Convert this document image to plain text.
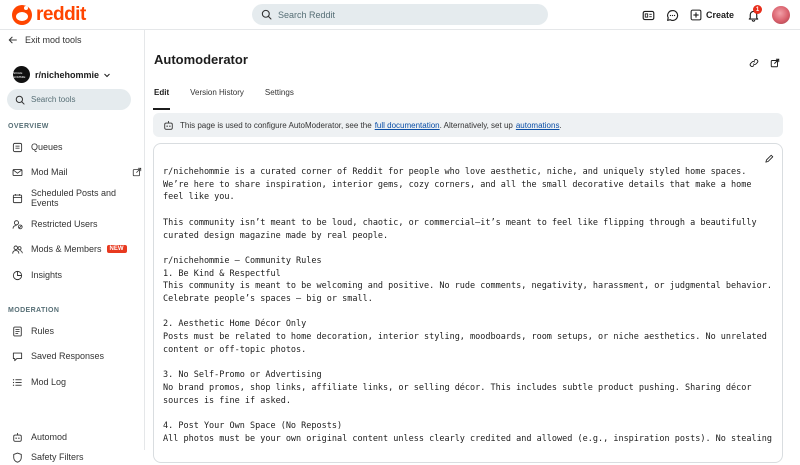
reddit	Search Reddit	Create
1
Exit mod tools
NICHE HOMMIE	r/nichehommie
Search tools
OVERVIEW
Queues
Mod Mail
Scheduled Posts and Events
Restricted Users
Mods & Members	NEW
Insights
MODERATION
Rules
Saved Responses
Mod Log
Automod
Safety Filters
Automoderator
Edit	Version History	Settings
This page is used to configure AutoModerator, see the full documentation . Alternatively, set up automations .
r/nichehommie is a curated corner of Reddit for people who love aesthetic, niche, and uniquely styled home spaces.
We’re here to share inspiration, interior gems, cozy corners, and all the small decorative details that make a home
feel like you.
This community isn’t meant to be loud, chaotic, or commercial—it’s meant to feel like flipping through a beautifully
curated design magazine made by real people.
r/nichehommie — Community Rules
1. Be Kind & Respectful
This community is meant to be welcoming and positive. No rude comments, negativity, harassment, or judgmental behavior.
Celebrate people’s spaces — big or small.
2. Aesthetic Home Décor Only
Posts must be related to home decoration, interior styling, moodboards, room setups, or niche aesthetics. No unrelated
content or off-topic photos.
3. No Self-Promo or Advertising
No brand promos, shop links, affiliate links, or selling décor. This includes subtle product pushing. Sharing décor
sources is fine if asked.
4. Post Your Own Space (No Reposts)
All photos must be your own original content unless clearly credited and allowed (e.g., inspiration posts). No stealing
